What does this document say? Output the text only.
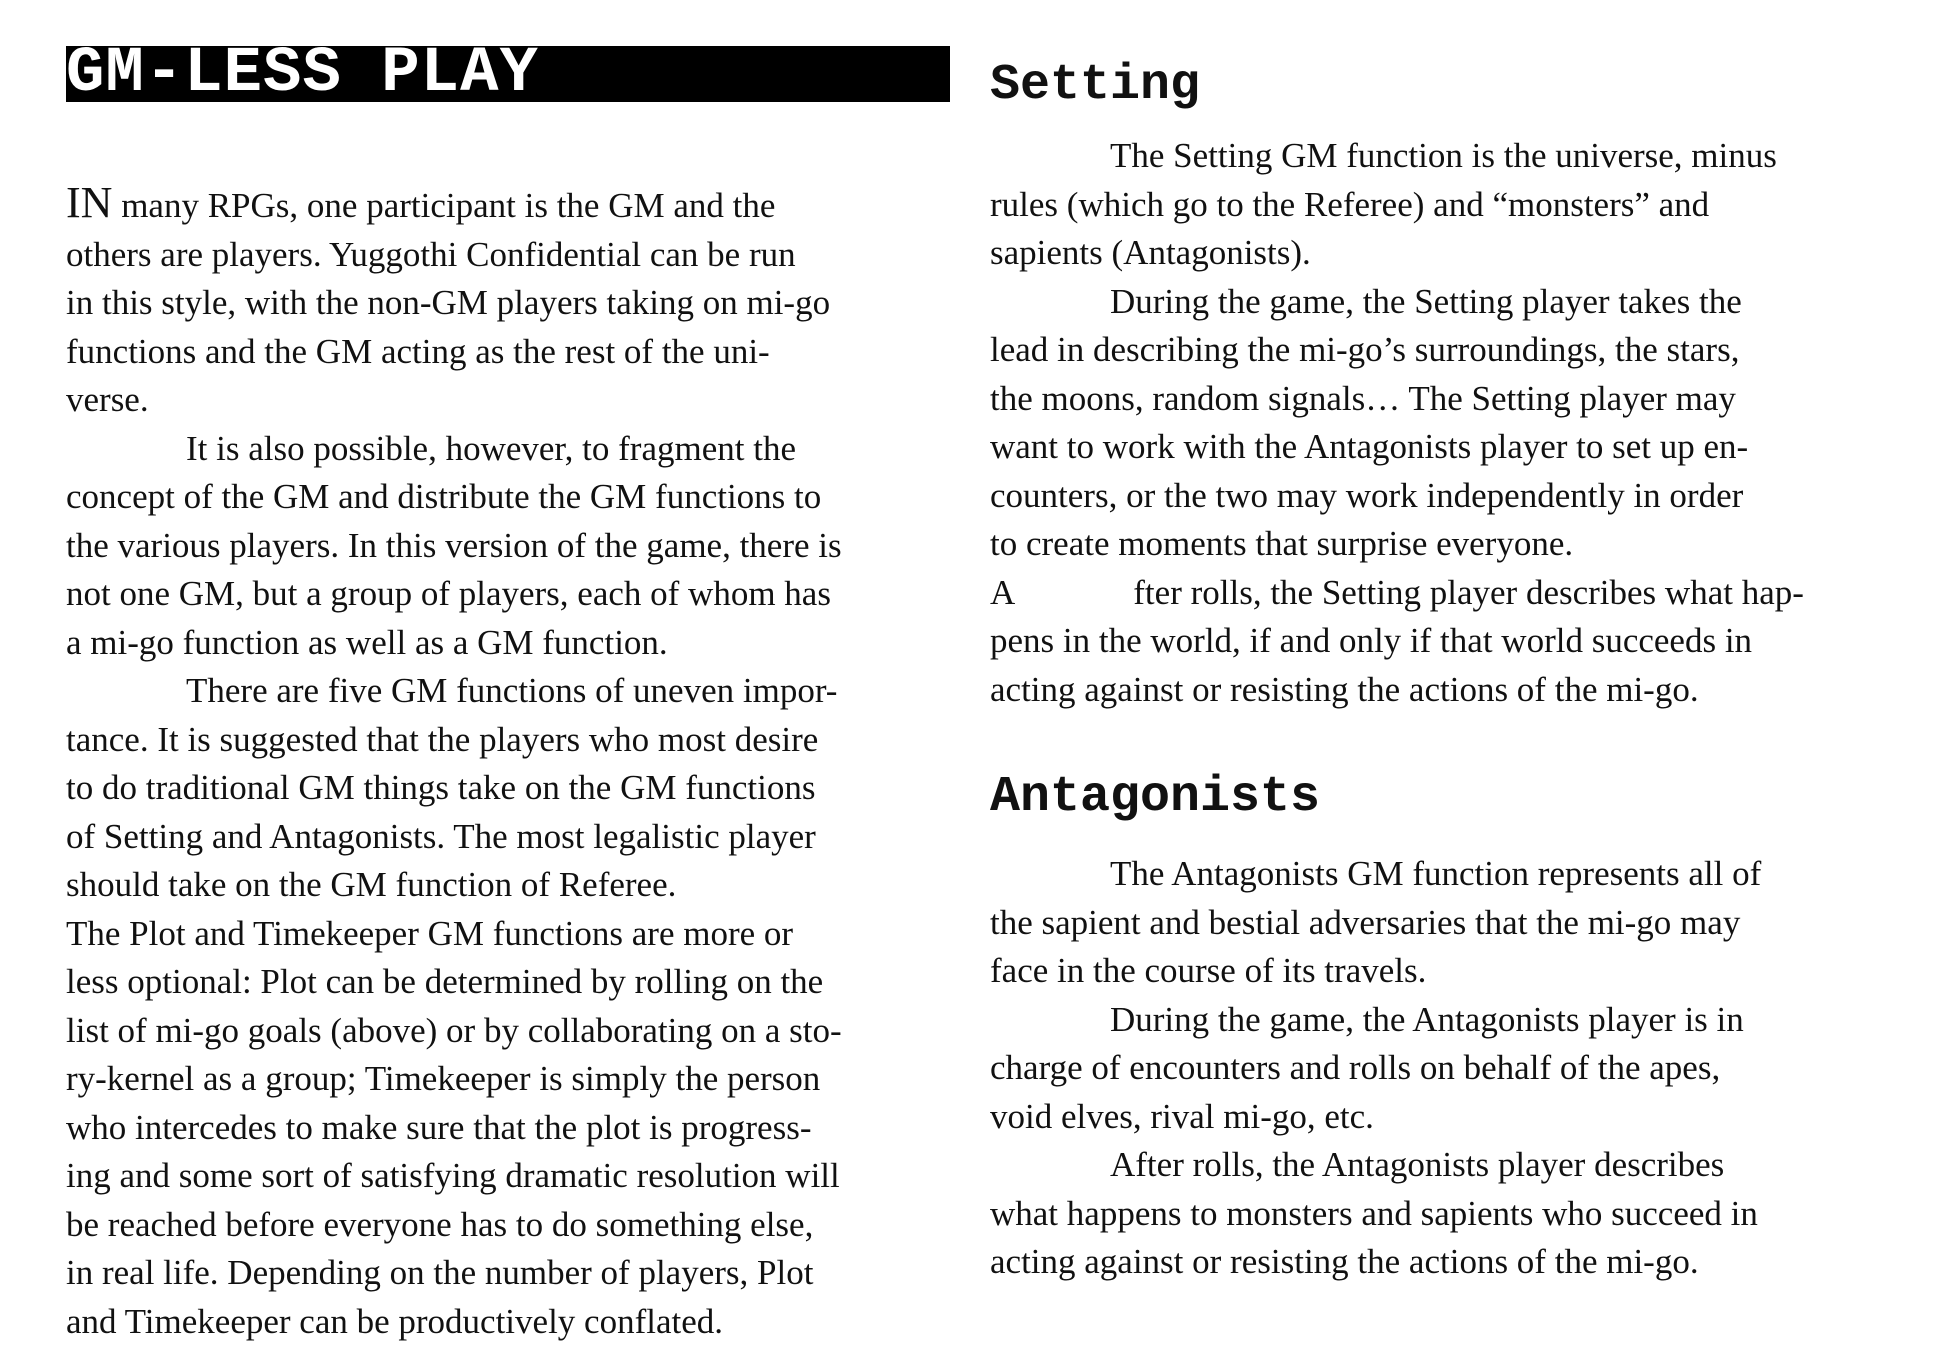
GM-LESS PLAY

IN many RPGs, one participant is the GM and the

others are players. Yuggothi Confidential can be run

in this style, with the non-GM players taking on mi-go

functions and the GM acting as the rest of the uni-

verse.

It is also possible, however, to fragment the

concept of the GM and distribute the GM functions to

the various players. In this version of the game, there is

not one GM, but a group of players, each of whom has

a mi-go function as well as a GM function.

There are five GM functions of uneven impor-

tance. It is suggested that the players who most desire

to do traditional GM things take on the GM functions

of Setting and Antagonists. The most legalistic player

should take on the GM function of Referee.

The Plot and Timekeeper GM functions are more or

less optional: Plot can be determined by rolling on the

list of mi-go goals (above) or by collaborating on a sto-

ry-kernel as a group; Timekeeper is simply the person

who intercedes to make sure that the plot is progress-

ing and some sort of satisfying dramatic resolution will

be reached before everyone has to do something else,

in real life. Depending on the number of players, Plot

and Timekeeper can be productively conflated.

Setting

The Setting GM function is the universe, minus

rules (which go to the Referee) and “monsters” and

sapients (Antagonists).

During the game, the Setting player takes the

lead in describing the mi-go’s surroundings, the stars,

the moons, random signals… The Setting player may

want to work with the Antagonists player to set up en-

counters, or the two may work independently in order

to create moments that surprise everyone.

A	fter rolls, the Setting player describes what hap-

pens in the world, if and only if that world succeeds in

acting against or resisting the actions of the mi-go.

Antagonists

The Antagonists GM function represents all of

the sapient and bestial adversaries that the mi-go may

face in the course of its travels.

During the game, the Antagonists player is in

charge of encounters and rolls on behalf of the apes,

void elves, rival mi-go, etc.

After rolls, the Antagonists player describes

what happens to monsters and sapients who succeed in

acting against or resisting the actions of the mi-go.
